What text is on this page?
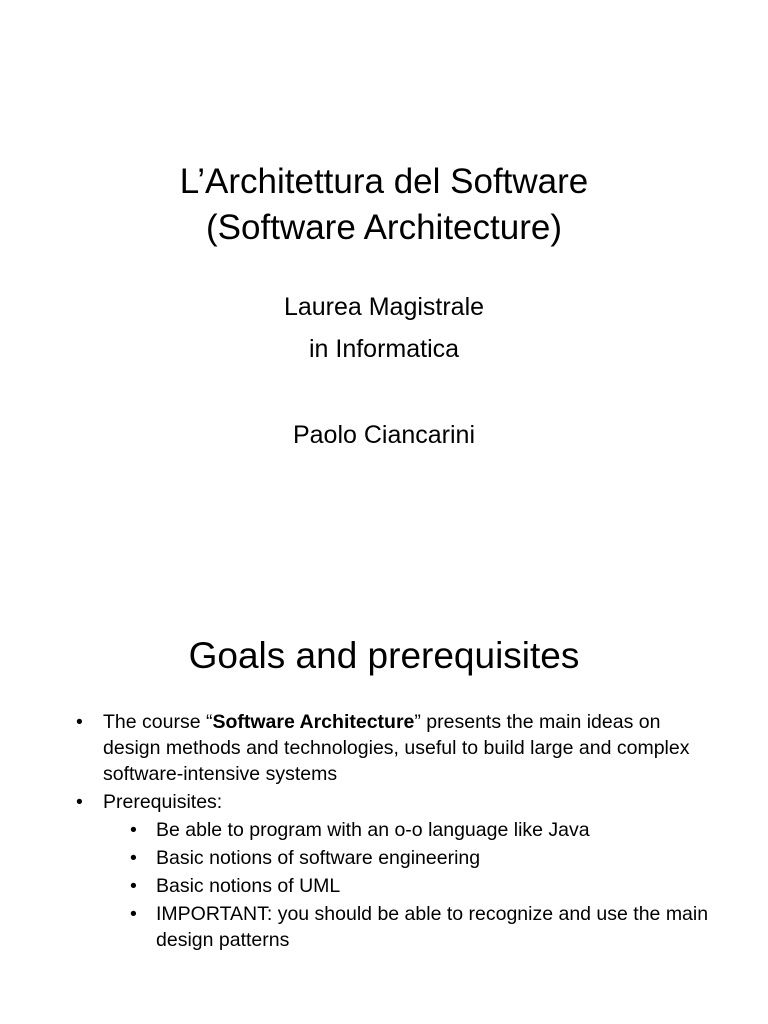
L’Architettura del Software
(Software Architecture)
Laurea Magistrale
in Informatica
Paolo Ciancarini
Goals and prerequisites
• The course “Software Architecture” presents the main ideas on design methods and technologies, useful to build large and complex software-intensive systems
• Prerequisites:
• Be able to program with an o-o language like Java
• Basic notions of software engineering
• Basic notions of UML
• IMPORTANT: you should be able to recognize and use the main design patterns
